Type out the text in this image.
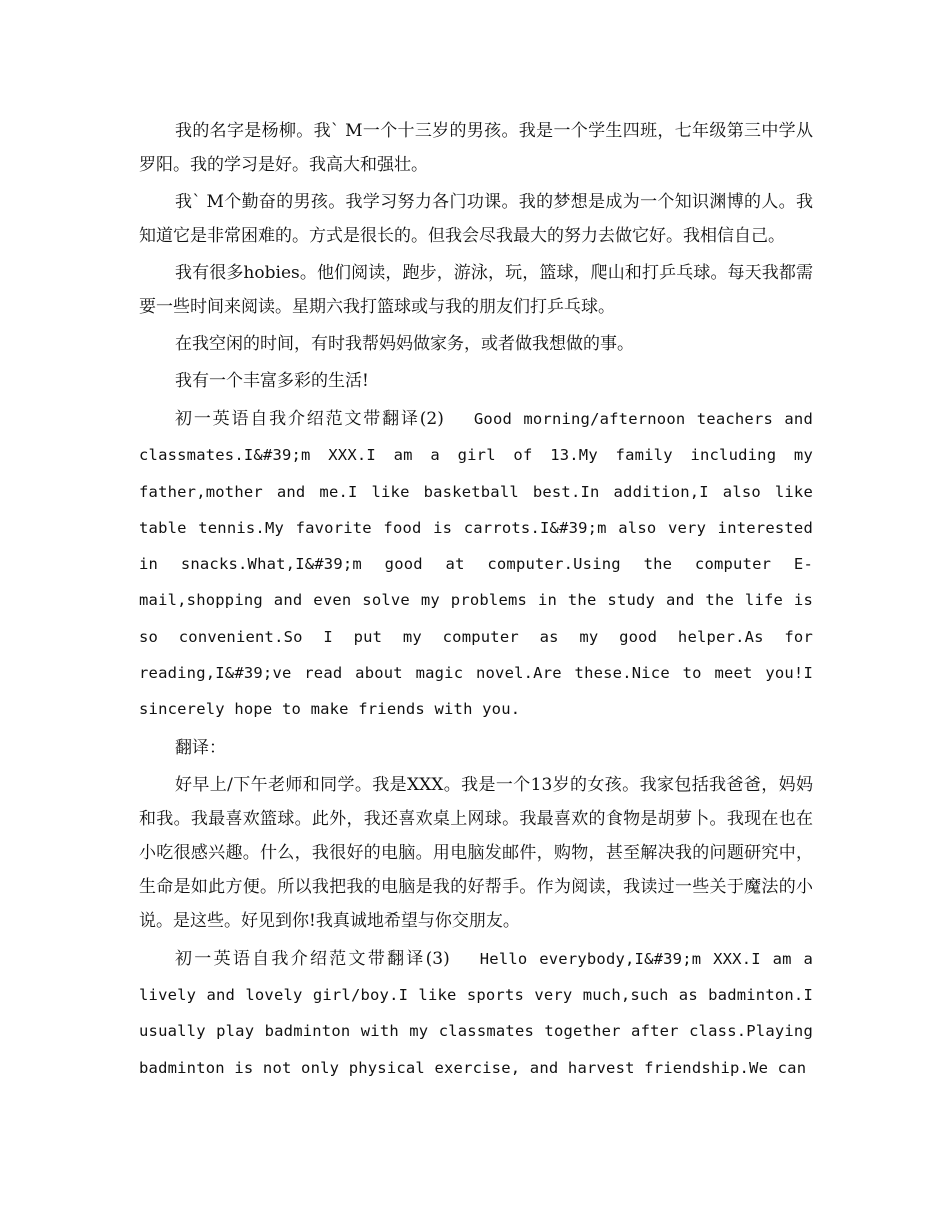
我的名字是杨柳。我` M一个十三岁的男孩。我是一个学生四班，七年级第三中学从罗阳。我的学习是好。我高大和强壮。

我` M个勤奋的男孩。我学习努力各门功课。我的梦想是成为一个知识渊博的人。我知道它是非常困难的。方式是很长的。但我会尽我最大的努力去做它好。我相信自己。

我有很多hobies。他们阅读，跑步，游泳，玩，篮球，爬山和打乒乓球。每天我都需要一些时间来阅读。星期六我打篮球或与我的朋友们打乒乓球。

在我空闲的时间，有时我帮妈妈做家务，或者做我想做的事。

我有一个丰富多彩的生活!

初一英语自我介绍范文带翻译(2) Good morning/afternoon teachers and classmates.I&#39;m XXX.I am a girl of 13.My family including my father,mother and me.I like basketball best.In addition,I also like table tennis.My favorite food is carrots.I&#39;m also very interested in snacks.What,I&#39;m good at computer.Using the computer E-mail,shopping and even solve my problems in the study and the life is so convenient.So I put my computer as my good helper.As for reading,I&#39;ve read about magic novel.Are these.Nice to meet you!I sincerely hope to make friends with you.

翻译：

好早上/下午老师和同学。我是XXX。我是一个13岁的女孩。我家包括我爸爸，妈妈和我。我最喜欢篮球。此外，我还喜欢桌上网球。我最喜欢的食物是胡萝卜。我现在也在小吃很感兴趣。什么，我很好的电脑。用电脑发邮件，购物，甚至解决我的问题研究中，生命是如此方便。所以我把我的电脑是我的好帮手。作为阅读，我读过一些关于魔法的小说。是这些。好见到你!我真诚地希望与你交朋友。

初一英语自我介绍范文带翻译(3) Hello everybody,I&#39;m XXX.I am a lively and lovely girl/boy.I like sports very much,such as badminton.I usually play badminton with my classmates together after class.Playing badminton is not only physical exercise, and harvest friendship.We can
